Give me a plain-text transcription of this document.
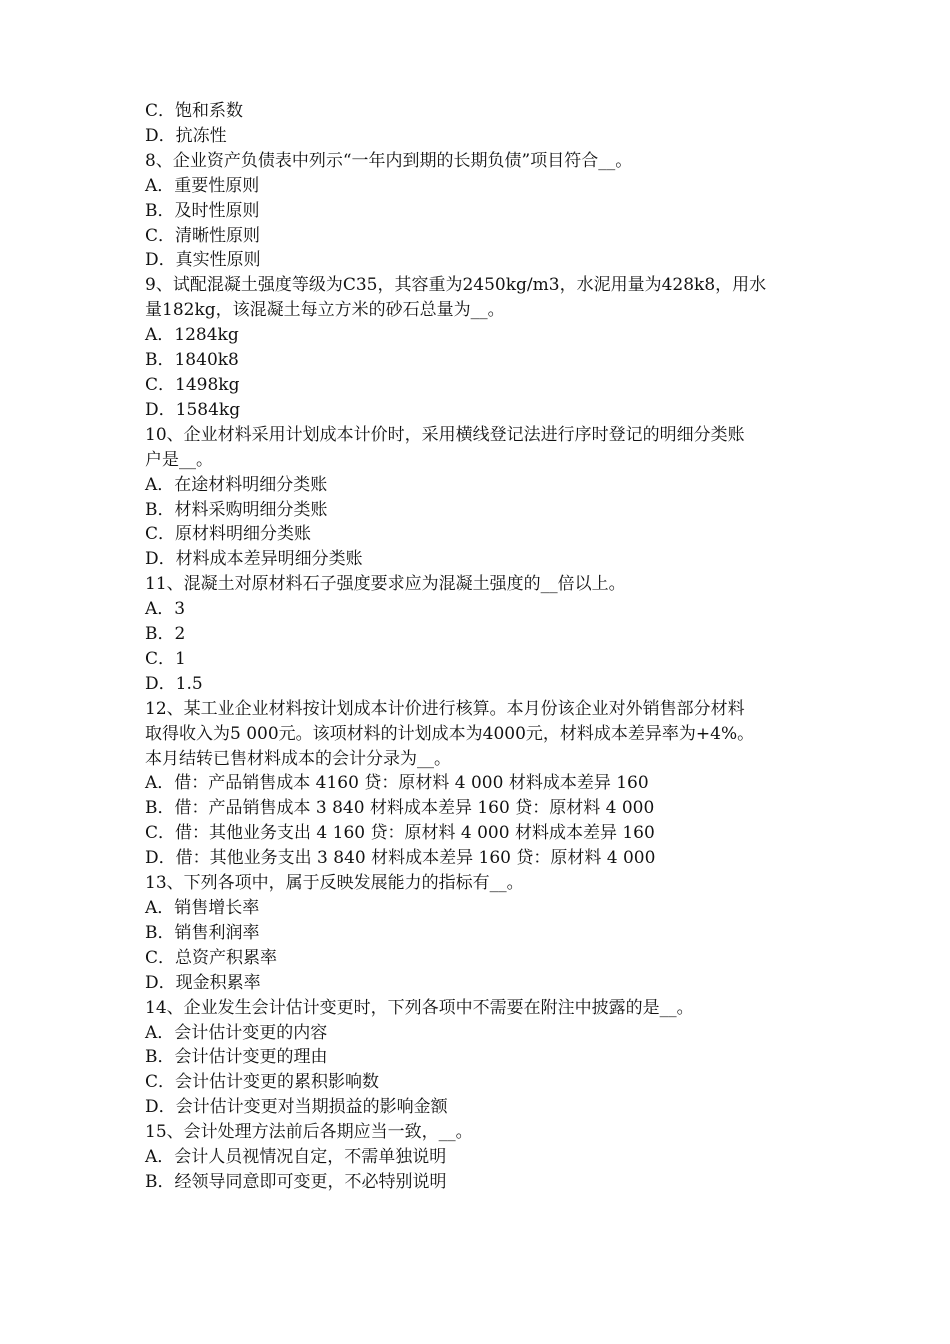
C．饱和系数
D．抗冻性
8、企业资产负债表中列示“一年内到期的长期负债”项目符合__。
A．重要性原则
B．及时性原则
C．清晰性原则
D．真实性原则
9、试配混凝土强度等级为C35，其容重为2450kg/m3，水泥用量为428k8，用水
量182kg，该混凝土每立方米的砂石总量为__。
A．1284kg
B．1840k8
C．1498kg
D．1584kg
10、企业材料采用计划成本计价时，采用横线登记法进行序时登记的明细分类账
户是__。
A．在途材料明细分类账
B．材料采购明细分类账
C．原材料明细分类账
D．材料成本差异明细分类账
11、混凝土对原材料石子强度要求应为混凝土强度的__倍以上。
A．3
B．2
C．1
D．1.5
12、某工业企业材料按计划成本计价进行核算。本月份该企业对外销售部分材料
取得收入为5 000元。该项材料的计划成本为4000元，材料成本差异率为+4%。
本月结转已售材料成本的会计分录为__。
A．借：产品销售成本 4160 贷：原材料 4 000 材料成本差异 160
B．借：产品销售成本 3 840 材料成本差异 160 贷：原材料 4 000
C．借：其他业务支出 4 160 贷：原材料 4 000 材料成本差异 160
D．借：其他业务支出 3 840 材料成本差异 160 贷：原材料 4 000
13、下列各项中，属于反映发展能力的指标有__。
A．销售增长率
B．销售利润率
C．总资产积累率
D．现金积累率
14、企业发生会计估计变更时，下列各项中不需要在附注中披露的是__。
A．会计估计变更的内容
B．会计估计变更的理由
C．会计估计变更的累积影响数
D．会计估计变更对当期损益的影响金额
15、会计处理方法前后各期应当一致，__。
A．会计人员视情况自定，不需单独说明
B．经领导同意即可变更，不必特别说明
